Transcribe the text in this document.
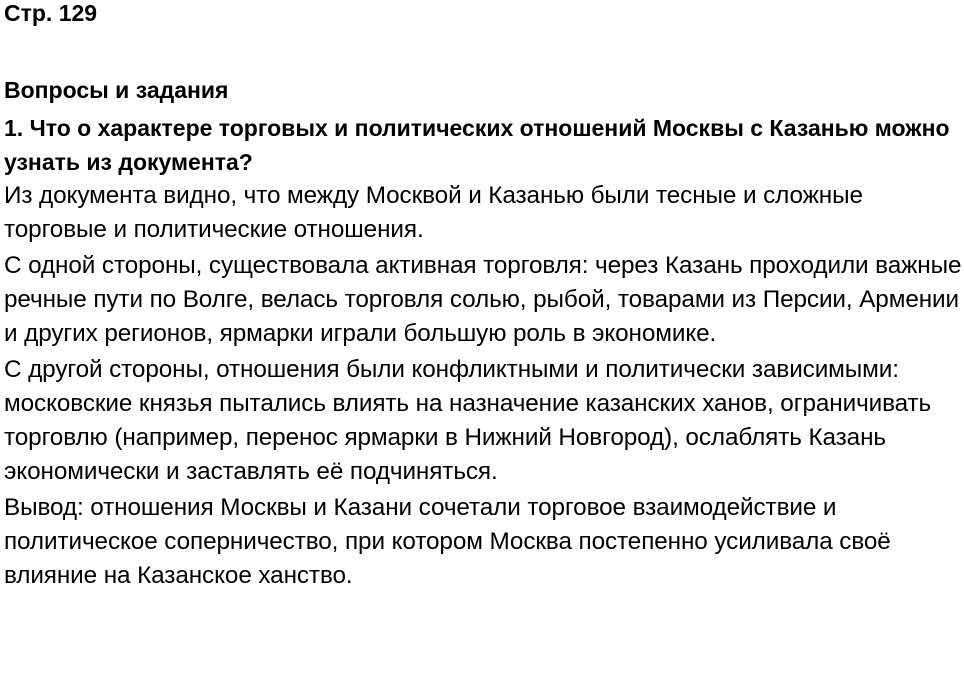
Стр. 129
Вопросы и задания
1. Что о характере торговых и политических отношений Москвы с Казанью можно узнать из документа?

Из документа видно, что между Москвой и Казанью были тесные и сложные торговые и политические отношения.

С одной стороны, существовала активная торговля: через Казань проходили важные речные пути по Волге, велась торговля солью, рыбой, товарами из Персии, Армении и других регионов, ярмарки играли большую роль в экономике.

С другой стороны, отношения были конфликтными и политически зависимыми: московские князья пытались влиять на назначение казанских ханов, ограничивать торговлю (например, перенос ярмарки в Нижний Новгород), ослаблять Казань экономически и заставлять её подчиняться.

Вывод: отношения Москвы и Казани сочетали торговое взаимодействие и политическое соперничество, при котором Москва постепенно усиливала своё влияние на Казанское ханство.
